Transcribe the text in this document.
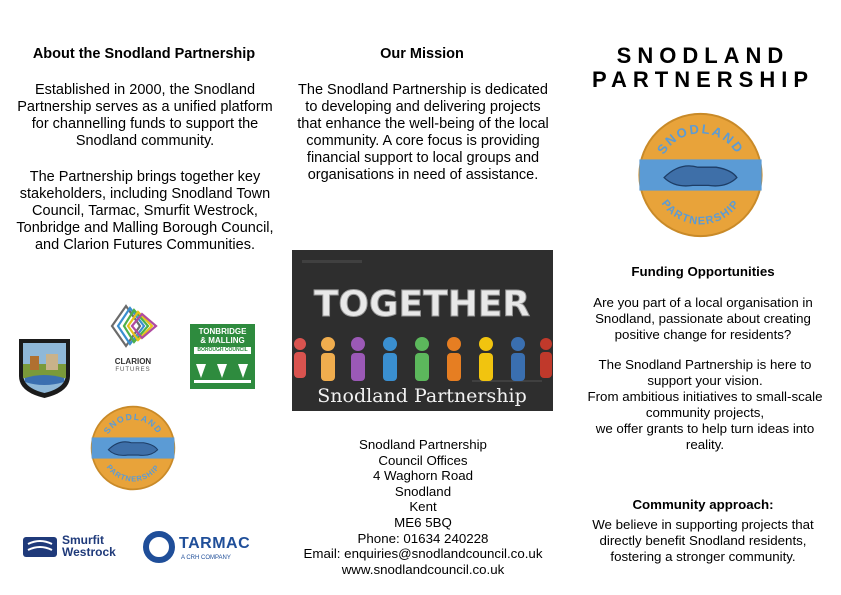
About the Snodland Partnership

Established in 2000, the Snodland Partnership serves as a unified platform for channelling funds to support the Snodland community.

The Partnership brings together key stakeholders, including Snodland Town Council, Tarmac, Smurfit Westrock, Tonbridge and Malling Borough Council, and Clarion Futures Communities.

CLARION
FUTURES
TONBRIDGE
& MALLING
BOROUGH COUNCIL
SNODLAND
PARTNERSHIP
Smurfit
Westrock	TARMAC
A CRH COMPANY
Our Mission

The Snodland Partnership is dedicated to developing and delivering projects that enhance the well-being of the local community. A core focus is providing financial support to local groups and organisations in need of assistance.

TOGETHER
Snodland Partnership
Snodland Partnership
Council Offices
4 Waghorn Road
Snodland
Kent
ME6 5BQ
Phone: 01634 240228
Email: enquiries@snodlandcouncil.co.uk
www.snodlandcouncil.co.uk
SNODLAND
PARTNERSHIP
SNODLAND
PARTNERSHIP
Funding Opportunities

Are you part of a local organisation in Snodland, passionate about creating positive change for residents?

The Snodland Partnership is here to support your vision.
From ambitious initiatives to small-scale community projects,
we offer grants to help turn ideas into reality.
Community approach:

We believe in supporting projects that directly benefit Snodland residents, fostering a stronger community.
